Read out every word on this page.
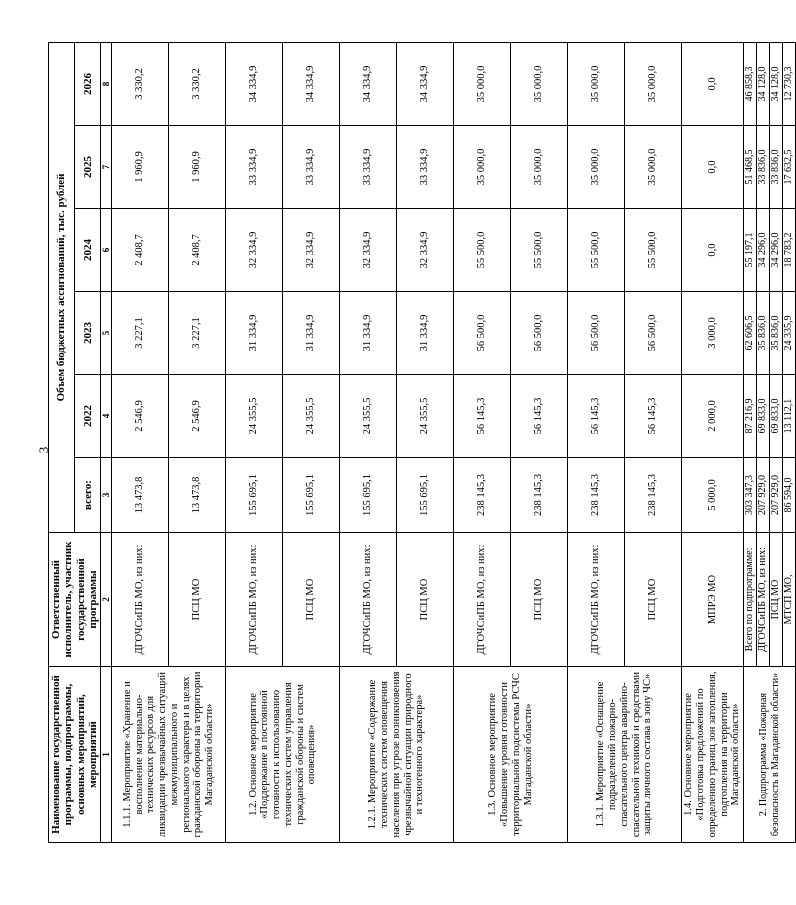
3
Наименование государственной программы, подпрограммы, основных мероприятий, мероприятий	Ответственный исполнитель, участник государственной программы	Объем бюджетных ассигнований, тыс. рублей					
		всего:	2022	2023	2024	2025	2026
1	2	3	4	5	6	7	8
1.1.1. Мероприятие «Хранение и восполнение материально-технических ресурсов для ликвидации чрезвычайных ситуаций межмуниципального и регионального характера и в целях гражданской обороны на территории Магаданской области»	ДГОЧСиПБ МО, из них:	13 473,8	2 546,9	3 227,1	2 408,7	1 960,9	3 330,2
	ПСЦ МО	13 473,8	2 546,9	3 227,1	2 408,7	1 960,9	3 330,2
1.2. Основное мероприятие «Поддержание в постоянной готовности к использованию технических систем управления гражданской обороны и систем оповещения»	ДГОЧСиПБ МО, из них:	155 695,1	24 355,5	31 334,9	32 334,9	33 334,9	34 334,9
	ПСЦ МО	155 695,1	24 355,5	31 334,9	32 334,9	33 334,9	34 334,9
1.2.1. Мероприятие «Содержание технических систем оповещения населения при угрозе возникновения чрезвычайной ситуации природного и техногенного характера»	ДГОЧСиПБ МО, из них:	155 695,1	24 355,5	31 334,9	32 334,9	33 334,9	34 334,9
	ПСЦ МО	155 695,1	24 355,5	31 334,9	32 334,9	33 334,9	34 334,9
1.3. Основное мероприятие «Повышение уровня готовности территориальной подсистемы РСЧС Магаданской области»	ДГОЧСиПБ МО, из них:	238 145,3	56 145,3	56 500,0	55 500,0	35 000,0	35 000,0
	ПСЦ МО	238 145,3	56 145,3	56 500,0	55 500,0	35 000,0	35 000,0
1.3.1. Мероприятие «Оснащение подразделений пожарно-спасательного центра аварийно-спасательной техникой и средствами защиты личного состава в зону ЧС»	ДГОЧСиПБ МО, из них:	238 145,3	56 145,3	56 500,0	55 500,0	35 000,0	35 000,0
	ПСЦ МО	238 145,3	56 145,3	56 500,0	55 500,0	35 000,0	35 000,0
1.4. Основное мероприятие «Подготовка предложений по определению границ зон затопления, подтопления на территории Магаданской области»	МПРЭ МО	5 000,0	2 000,0	3 000,0	0,0	0,0	0,0
2. Подпрограмма «Пожарная безопасность в Магаданской области»	Всего по подпрограмме:	303 347,3	87 216,9	62 606,5	55 197,1	51 468,5	46 858,3
	ДГОЧСиПБ МО, из них:	207 929,0	69 833,0	35 836,0	34 296,0	33 836,0	34 128,0
	ПСЦ МО	207 929,0	69 833,0	35 836,0	34 296,0	33 836,0	34 128,0
	МТСП МО,	86 594,0	13 112,1	24 335,9	18 783,2	17 632,5	12 730,3
